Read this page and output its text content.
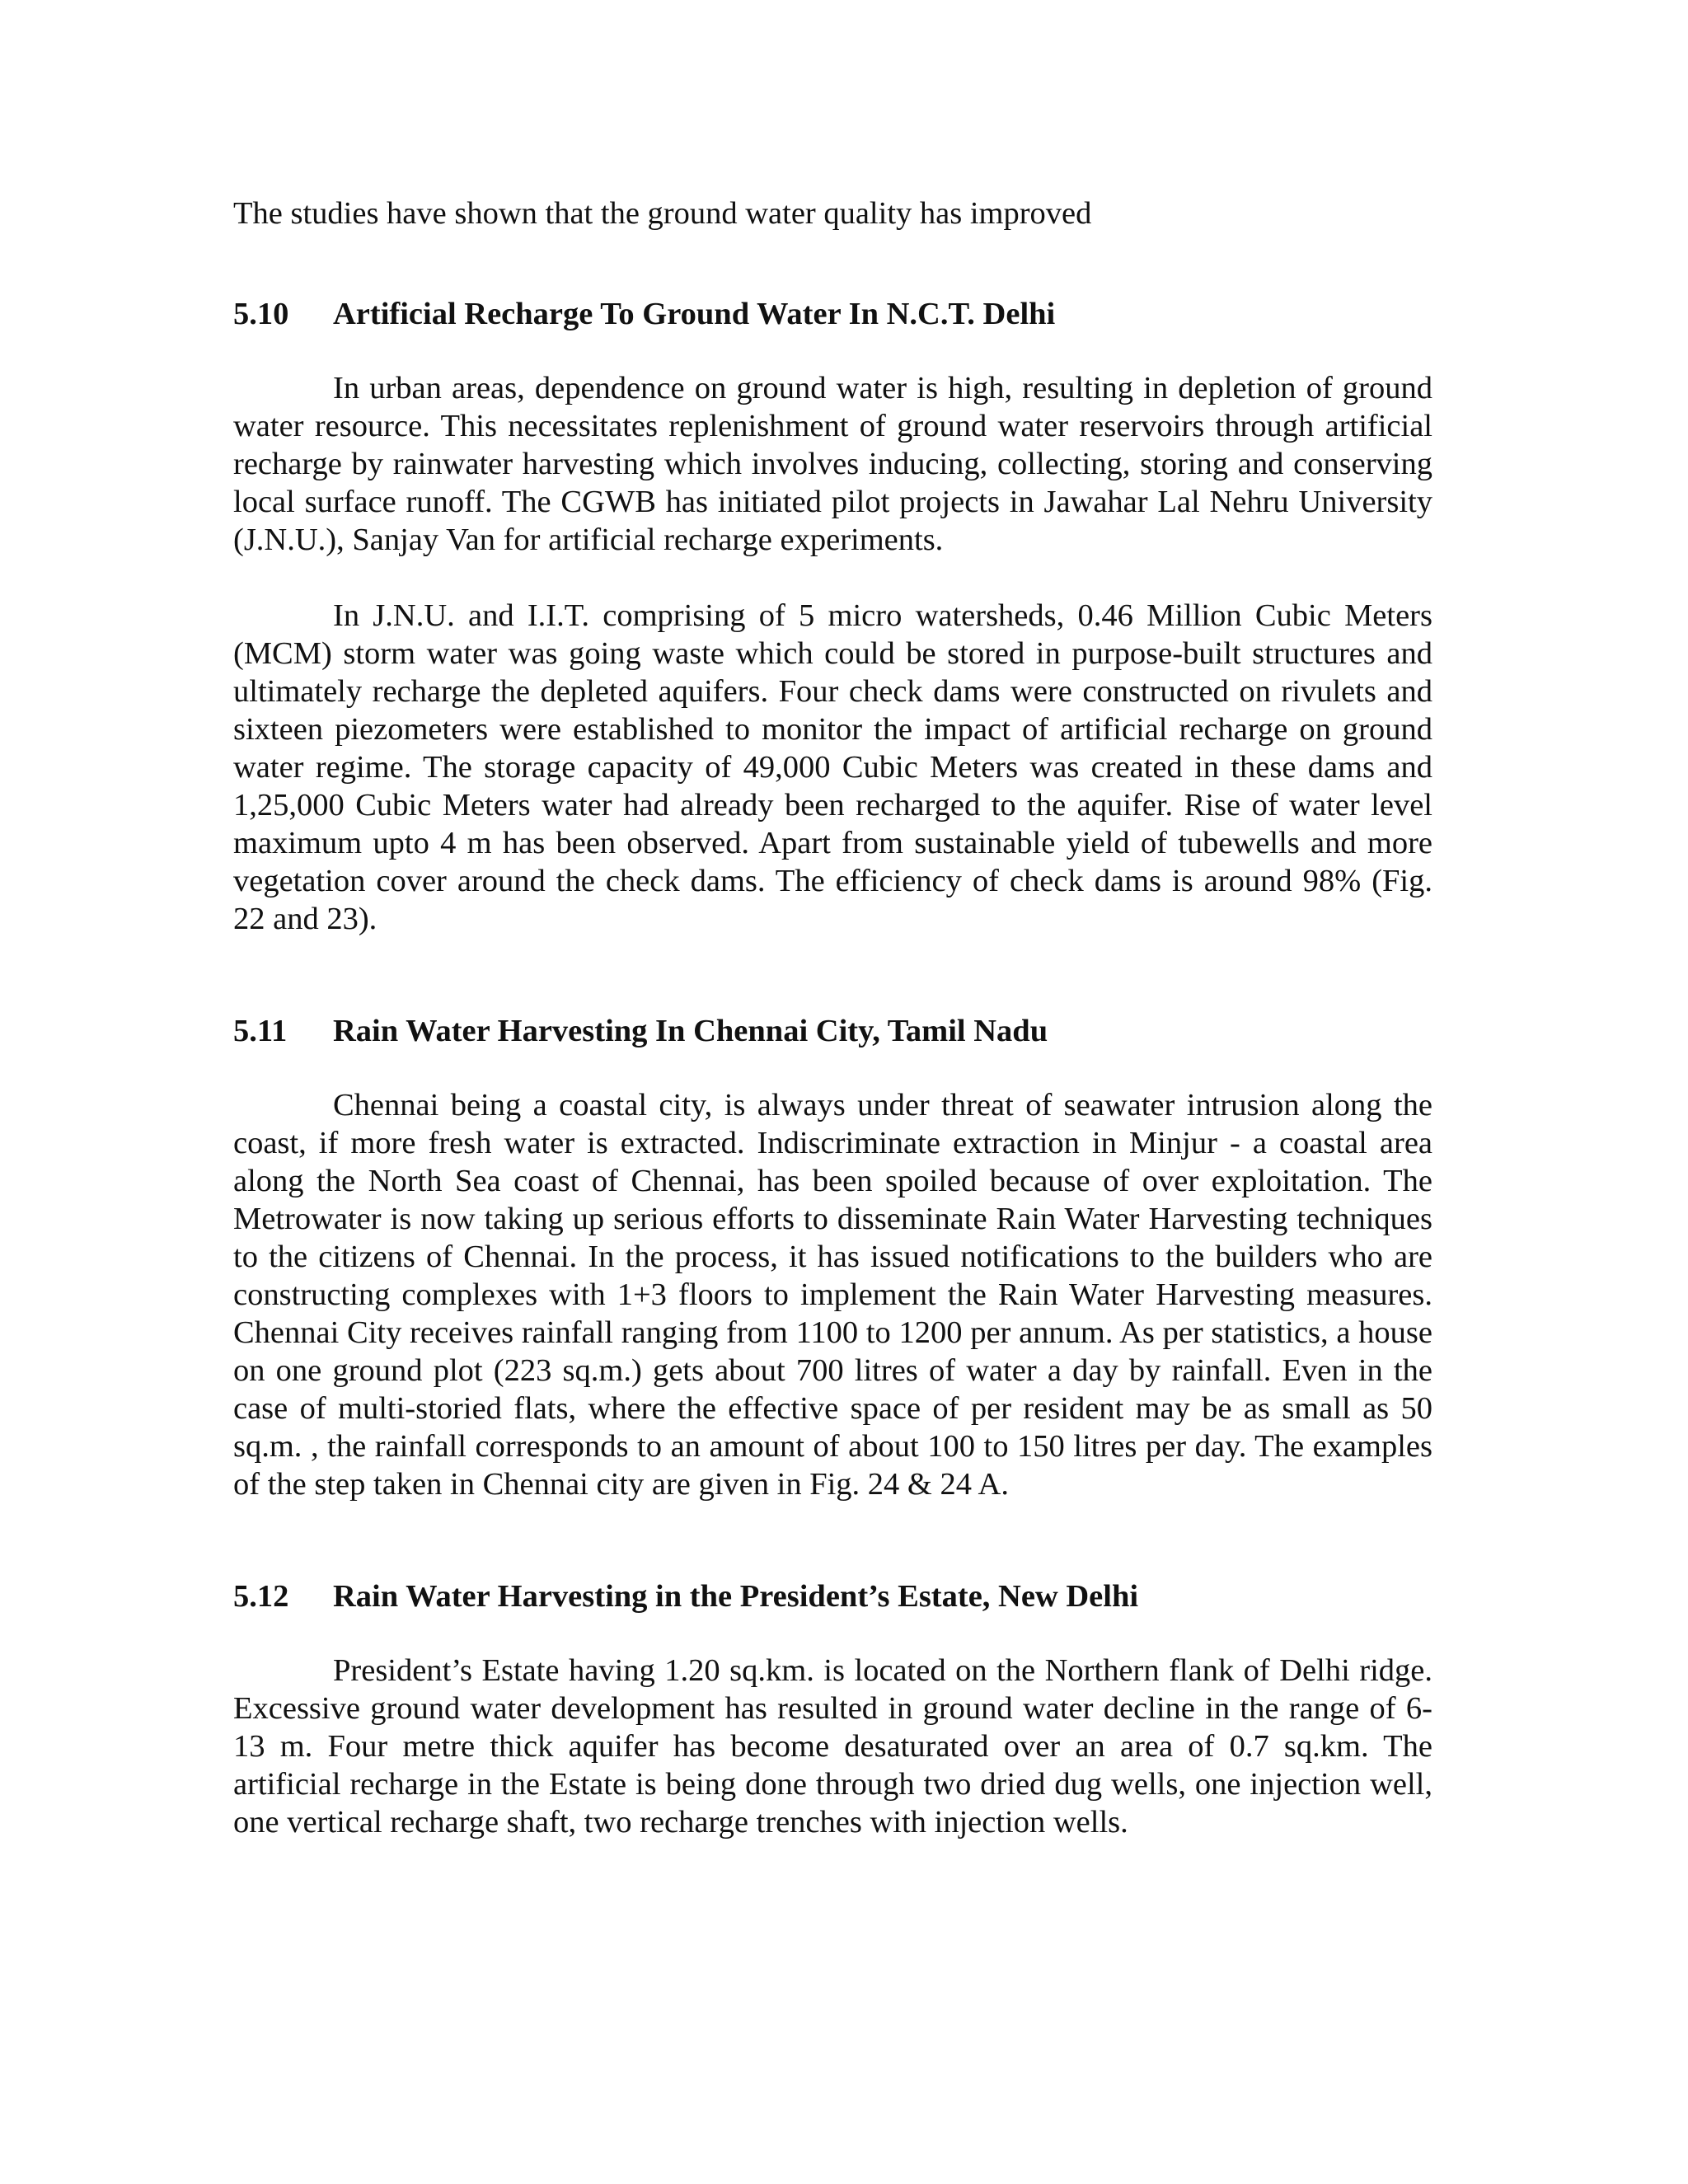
The studies have shown that the ground water quality has improved

5.10	Artificial Recharge To Ground Water In N.C.T. Delhi

In urban areas, dependence on ground water is high, resulting in depletion of ground water resource. This necessitates replenishment of ground water reservoirs through artificial recharge by rainwater harvesting which involves inducing, collecting, storing and conserving local surface runoff. The CGWB has initiated pilot projects in Jawahar Lal Nehru University (J.N.U.), Sanjay Van for artificial recharge experiments.

In J.N.U. and I.I.T. comprising of 5 micro watersheds, 0.46 Million Cubic Meters (MCM) storm water was going waste which could be stored in purpose-built structures and ultimately recharge the depleted aquifers. Four check dams were constructed on rivulets and sixteen piezometers were established to monitor the impact of artificial recharge on ground water regime. The storage capacity of 49,000 Cubic Meters was created in these dams and 1,25,000 Cubic Meters water had already been recharged to the aquifer. Rise of water level maximum upto 4 m has been observed. Apart from sustainable yield of tubewells and more vegetation cover around the check dams. The efficiency of check dams is around 98% (Fig. 22 and 23).

5.11	Rain Water Harvesting In Chennai City, Tamil Nadu

Chennai being a coastal city, is always under threat of seawater intrusion along the coast, if more fresh water is extracted. Indiscriminate extraction in Minjur - a coastal area along the North Sea coast of Chennai, has been spoiled because of over exploitation. The Metrowater is now taking up serious efforts to disseminate Rain Water Harvesting techniques to the citizens of Chennai. In the process, it has issued notifications to the builders who are constructing complexes with 1+3 floors to implement the Rain Water Harvesting measures. Chennai City receives rainfall ranging from 1100 to 1200 per annum. As per statistics, a house on one ground plot (223 sq.m.) gets about 700 litres of water a day by rainfall. Even in the case of multi-storied flats, where the effective space of per resident may be as small as 50 sq.m. , the rainfall corresponds to an amount of about 100 to 150 litres per day. The examples of the step taken in Chennai city are given in Fig. 24 & 24 A.

5.12	Rain Water Harvesting in the President’s Estate, New Delhi

President’s Estate having 1.20 sq.km. is located on the Northern flank of Delhi ridge. Excessive ground water development has resulted in ground water decline in the range of 6-13 m. Four metre thick aquifer has become desaturated over an area of 0.7 sq.km. The artificial recharge in the Estate is being done through two dried dug wells, one injection well, one vertical recharge shaft, two recharge trenches with injection wells.
